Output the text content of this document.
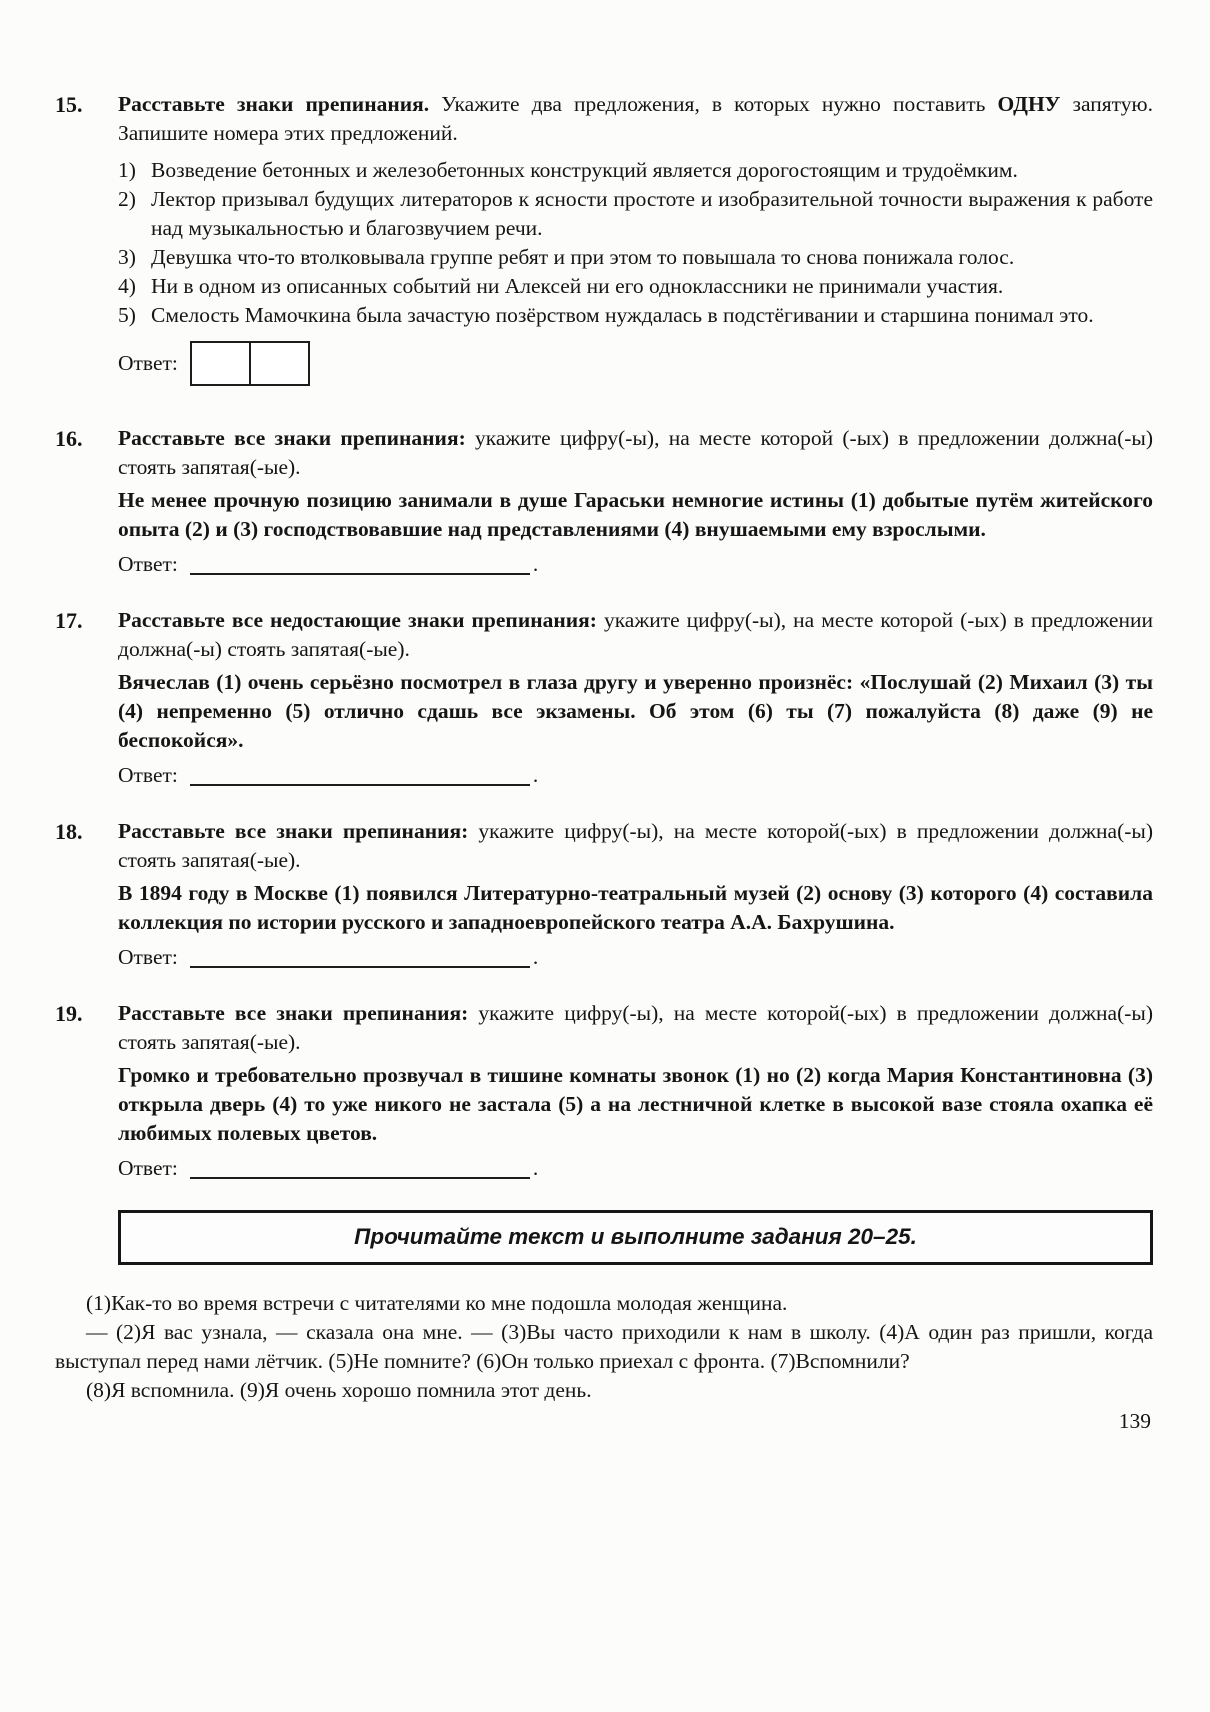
15.	Расставьте знаки препинания. Укажите два предложения, в которых нужно поставить ОДНУ запятую. Запишите номера этих предложений.

1) Возведение бетонных и железобетонных конструкций является дорогостоящим и трудоёмким.
2) Лектор призывал будущих литераторов к ясности простоте и изобразительной точности выражения к работе над музыкальностью и благозвучием речи.
3) Девушка что-то втолковывала группе ребят и при этом то повышала то снова понижала голос.
4) Ни в одном из описанных событий ни Алексей ни его одноклассники не принимали участия.
5) Смелость Мамочкина была зачастую позёрством нуждалась в подстёгивании и старшина понимал это.
Ответ:
16.	Расставьте все знаки препинания: укажите цифру(-ы), на месте которой (-ых) в предложении должна(-ы) стоять запятая(-ые).

Не менее прочную позицию занимали в душе Гараськи немногие истины (1) добытые путём житейского опыта (2) и (3) господствовавшие над представлениями (4) внушаемыми ему взрослыми.

Ответ:	.
17.	Расставьте все недостающие знаки препинания: укажите цифру(-ы), на месте которой (-ых) в предложении должна(-ы) стоять запятая(-ые).

Вячеслав (1) очень серьёзно посмотрел в глаза другу и уверенно произнёс: «Послушай (2) Михаил (3) ты (4) непременно (5) отлично сдашь все экзамены. Об этом (6) ты (7) пожалуйста (8) даже (9) не беспокойся».

Ответ:	.
18.	Расставьте все знаки препинания: укажите цифру(-ы), на месте которой(-ых) в предложении должна(-ы) стоять запятая(-ые).

В 1894 году в Москве (1) появился Литературно-театральный музей (2) основу (3) которого (4) составила коллекция по истории русского и западноевропейского театра А.А. Бахрушина.

Ответ:	.
19.	Расставьте все знаки препинания: укажите цифру(-ы), на месте которой(-ых) в предложении должна(-ы) стоять запятая(-ые).

Громко и требовательно прозвучал в тишине комнаты звонок (1) но (2) когда Мария Константиновна (3) открыла дверь (4) то уже никого не застала (5) а на лестничной клетке в высокой вазе стояла охапка её любимых полевых цветов.

Ответ:	.
Прочитайте текст и выполните задания 20–25.

(1)Как-то во время встречи с читателями ко мне подошла молодая женщина.

— (2)Я вас узнала, — сказала она мне. — (3)Вы часто приходили к нам в школу. (4)А один раз пришли, когда выступал перед нами лётчик. (5)Не помните? (6)Он только приехал с фронта. (7)Вспомнили?

(8)Я вспомнила. (9)Я очень хорошо помнила этот день.

139
